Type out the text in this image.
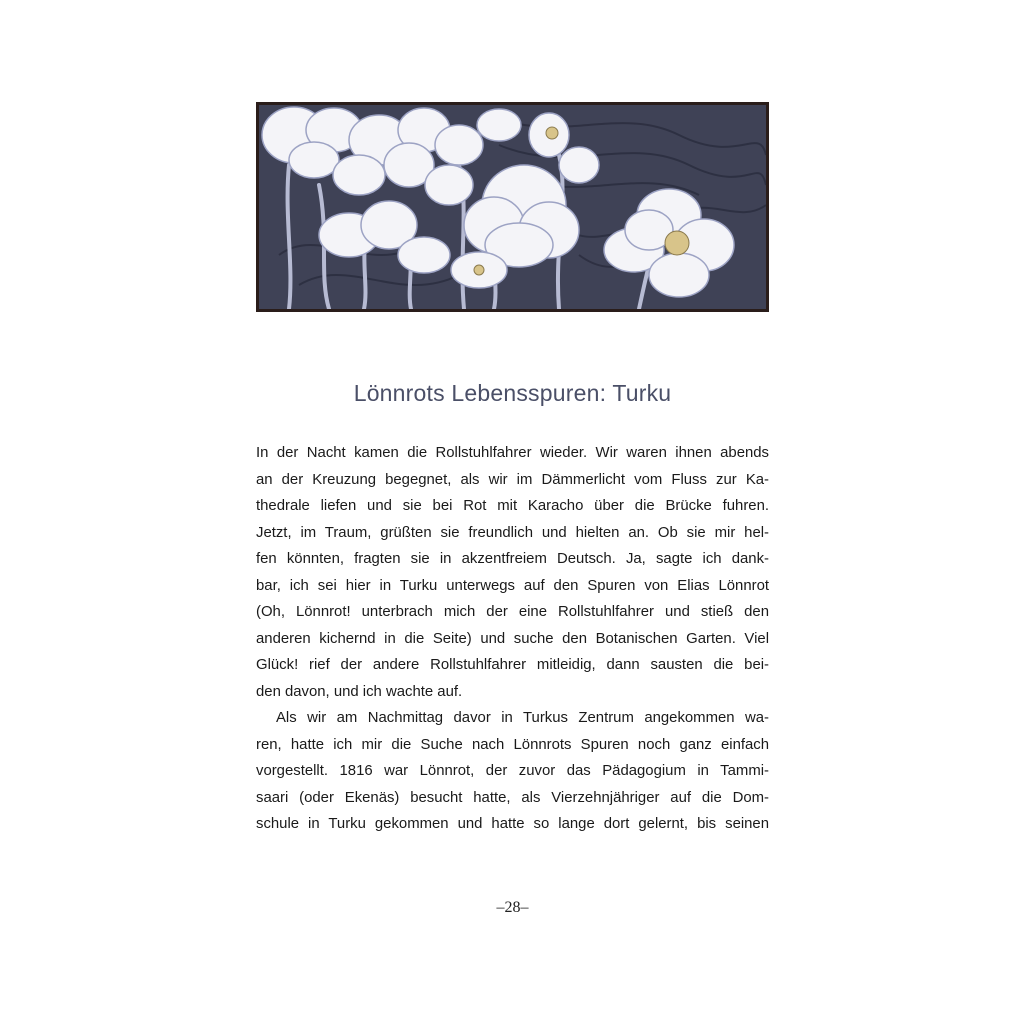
Lönnrots Lebensspuren: Turku
In der Nacht kamen die Rollstuhlfahrer wieder. Wir waren ihnen abends
an der Kreuzung begegnet, als wir im Dämmerlicht vom Fluss zur Ka-
thedrale liefen und sie bei Rot mit Karacho über die Brücke fuhren.
Jetzt, im Traum, grüßten sie freundlich und hielten an. Ob sie mir hel-
fen könnten, fragten sie in akzentfreiem Deutsch. Ja, sagte ich dank-
bar, ich sei hier in Turku unterwegs auf den Spuren von Elias Lönnrot
(Oh, Lönnrot! unterbrach mich der eine Rollstuhlfahrer und stieß den
anderen kichernd in die Seite) und suche den Botanischen Garten. Viel
Glück! rief der andere Rollstuhlfahrer mitleidig, dann sausten die bei-
den davon, und ich wachte auf.
Als wir am Nachmittag davor in Turkus Zentrum angekommen wa-
ren, hatte ich mir die Suche nach Lönnrots Spuren noch ganz einfach
vorgestellt. 1816 war Lönnrot, der zuvor das Pädagogium in Tammi-
saari (oder Ekenäs) besucht hatte, als Vierzehnjähriger auf die Dom-
schule in Turku gekommen und hatte so lange dort gelernt, bis seinen
–28–
